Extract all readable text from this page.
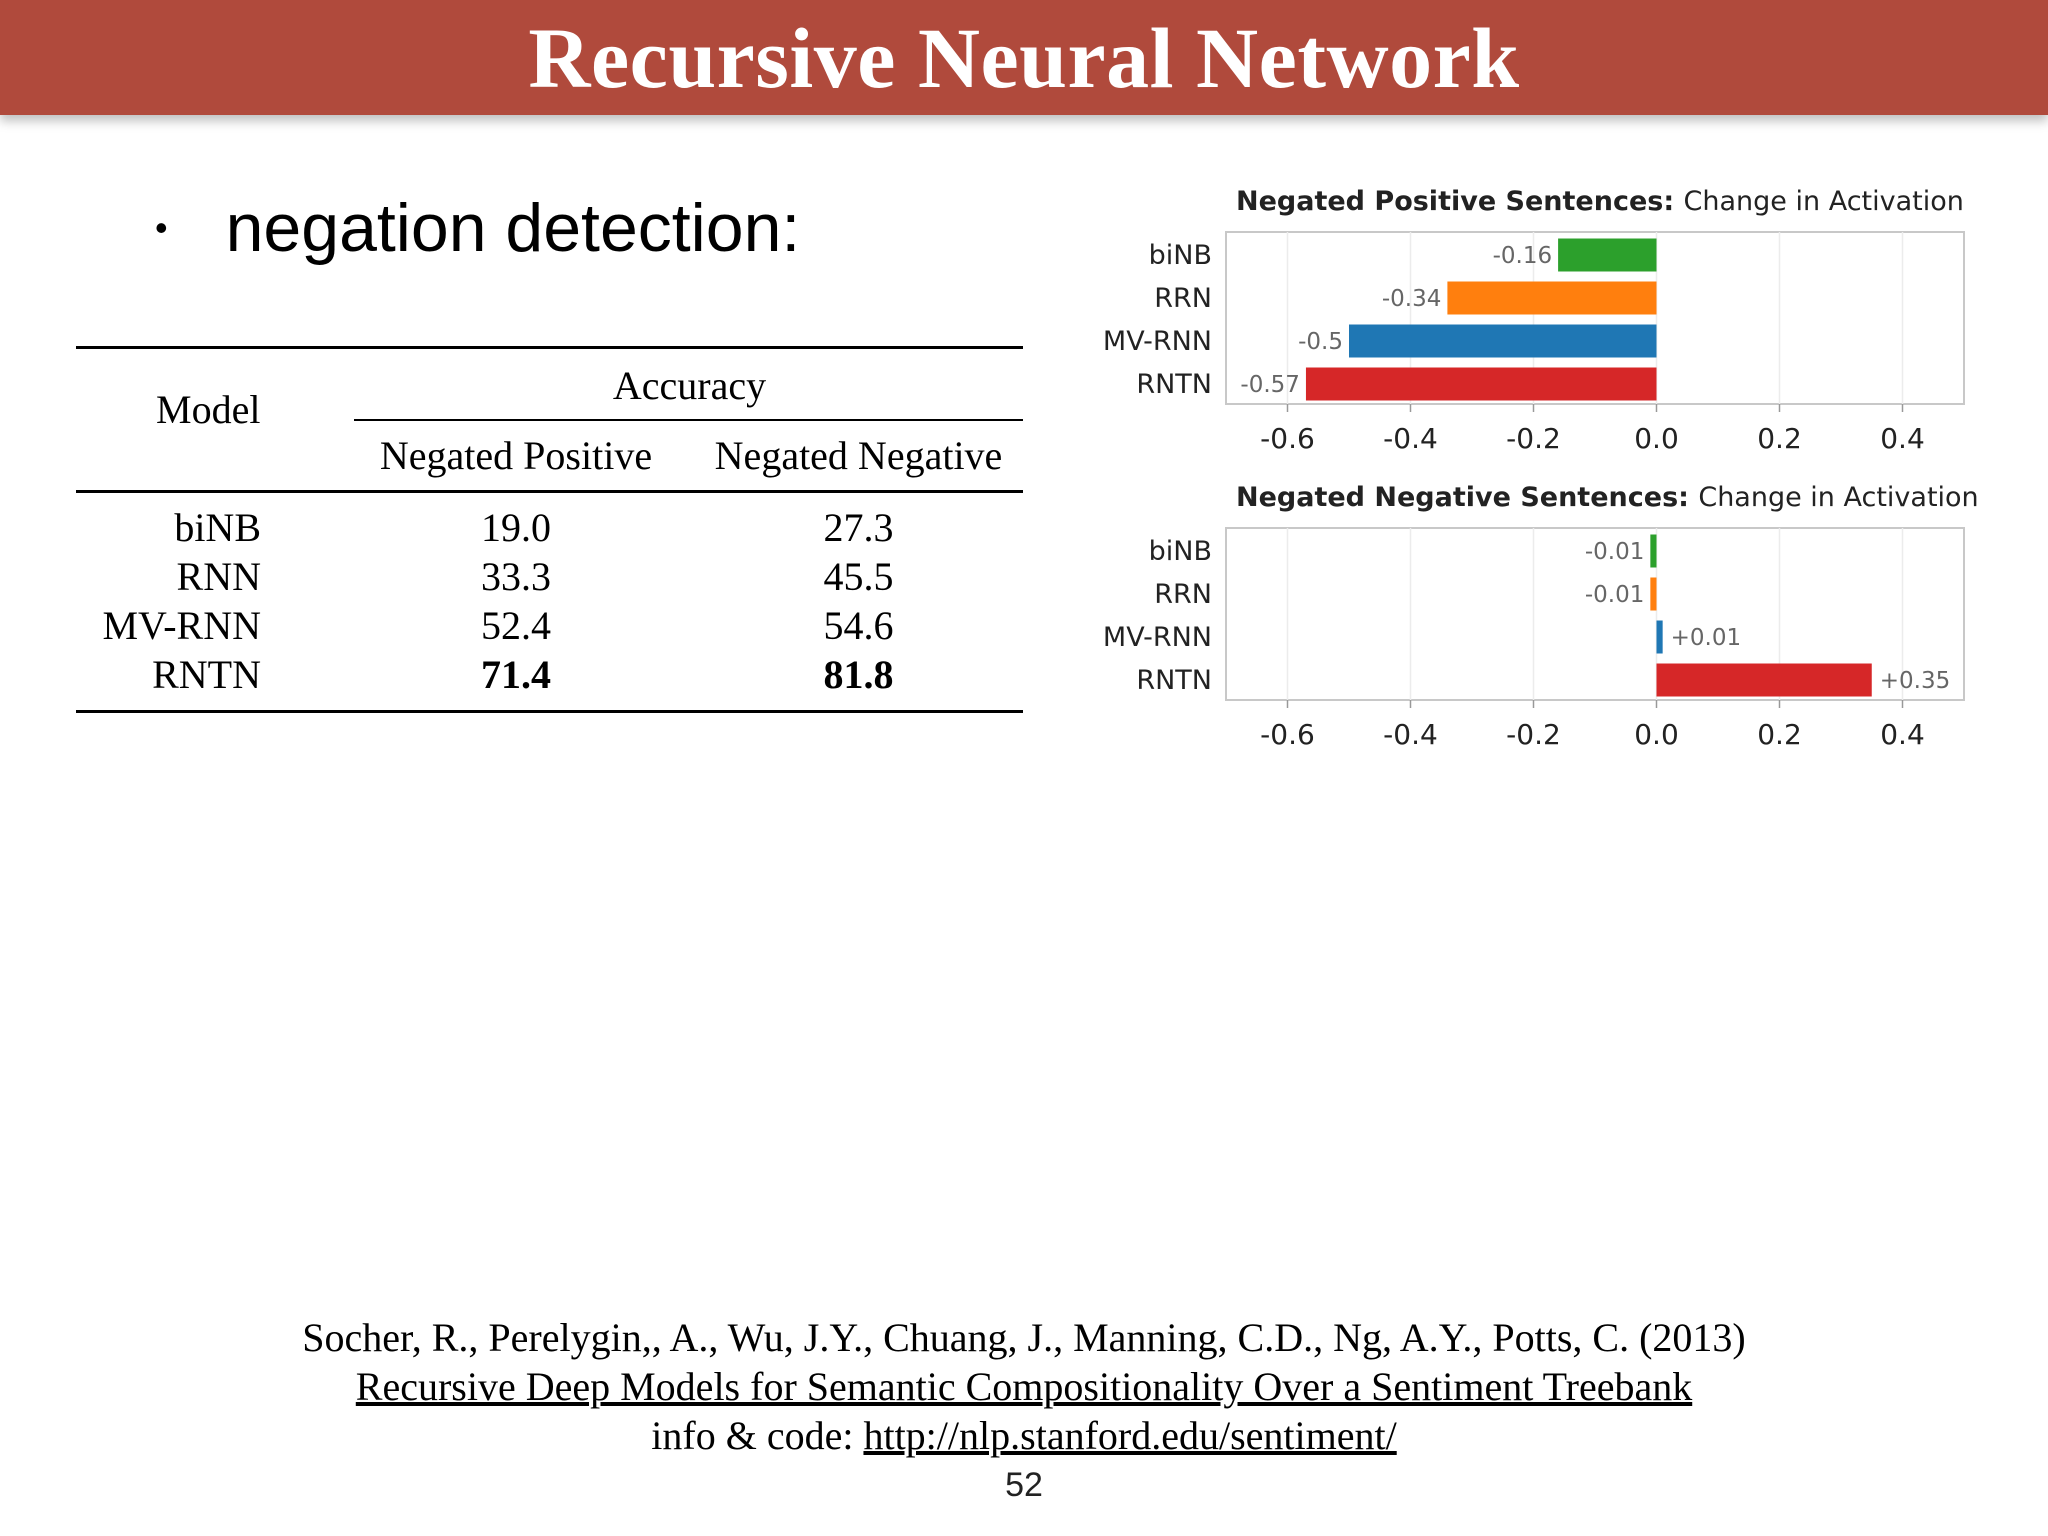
Recursive Neural Network
• negation detection:
Model
Accuracy
Negated Positive	Negated Negative
biNB	19.0	27.3
RNN	33.3	45.5
MV-RNN	52.4	54.6
RNTN	71.4	81.8
Negated Positive Sentences: Change in Activation
-0.6 -0.4 -0.2	0.0	0.2	0.4
biNB	-0.16
RRN	-0.34
MV-RNN	-0.5
RNTN -0.57
Negated Negative Sentences: Change in Activation
-0.6 -0.4 -0.2	0.0	0.2	0.4
biNB	-0.01
RRN	-0.01
MV-RNN	+0.01
RNTN	+0.35
Socher, R., Perelygin,, A., Wu, J.Y., Chuang, J., Manning, C.D., Ng, A.Y., Potts, C. (2013)
Recursive Deep Models for Semantic Compositionality Over a Sentiment Treebank
info & code: http://nlp.stanford.edu/sentiment/
52
